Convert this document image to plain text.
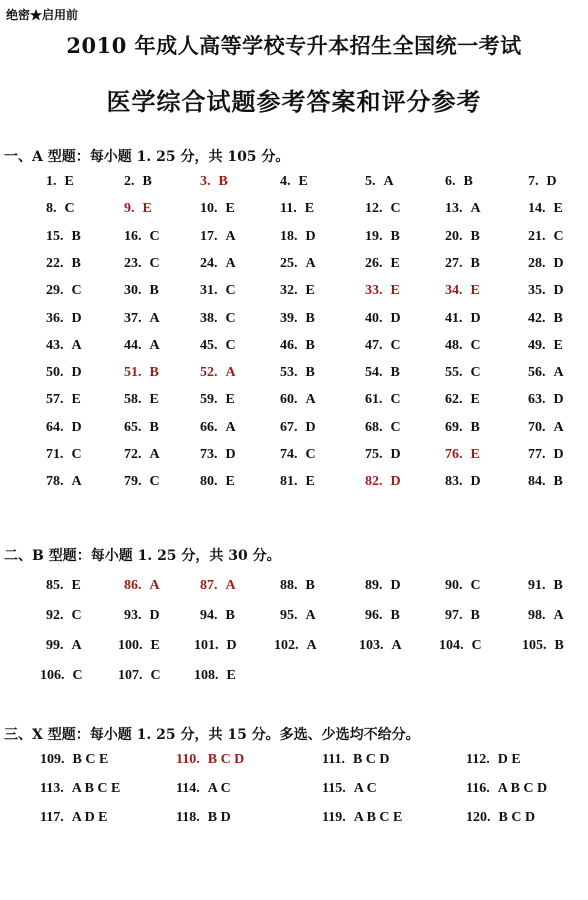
绝密★启用前
2010 年成人高等学校专升本招生全国统一考试
医学综合试题参考答案和评分参考
一、A 型题：每小题 1. 25 分，共 105 分。
二、B 型题：每小题 1. 25 分，共 30 分。
三、X 型题：每小题 1. 25 分，共 15 分。多选、少选均不给分。
1. E	2. B	3. B	4. E	5. A	6. B	7. D
8. C	9. E	10. E	11. E	12. C	13. A	14. E
15. B	16. C	17. A	18. D	19. B	20. B	21. C
22. B	23. C	24. A	25. A	26. E	27. B	28. D
29. C	30. B	31. C	32. E	33. E	34. E	35. D
36. D	37. A	38. C	39. B	40. D	41. D	42. B
43. A	44. A	45. C	46. B	47. C	48. C	49. E
50. D	51. B	52. A	53. B	54. B	55. C	56. A
57. E	58. E	59. E	60. A	61. C	62. E	63. D
64. D	65. B	66. A	67. D	68. C	69. B	70. A
71. C	72. A	73. D	74. C	75. D	76. E	77. D
78. A	79. C	80. E	81. E	82. D	83. D	84. B
85. E	86. A	87. A	88. B	89. D	90. C	91. B
92. C	93. D	94. B	95. A	96. B	97. B	98. A
99. A	100. E 101. D	102. A	103. A	104. C	105. B
106. C	107. C 108. E
109. B C E	110. B C D	111. B C D	112. D E
113. A B C E	114. A C	115. A C	116. A B C D
117. A D E	118. B D	119. A B C E	120. B C D
